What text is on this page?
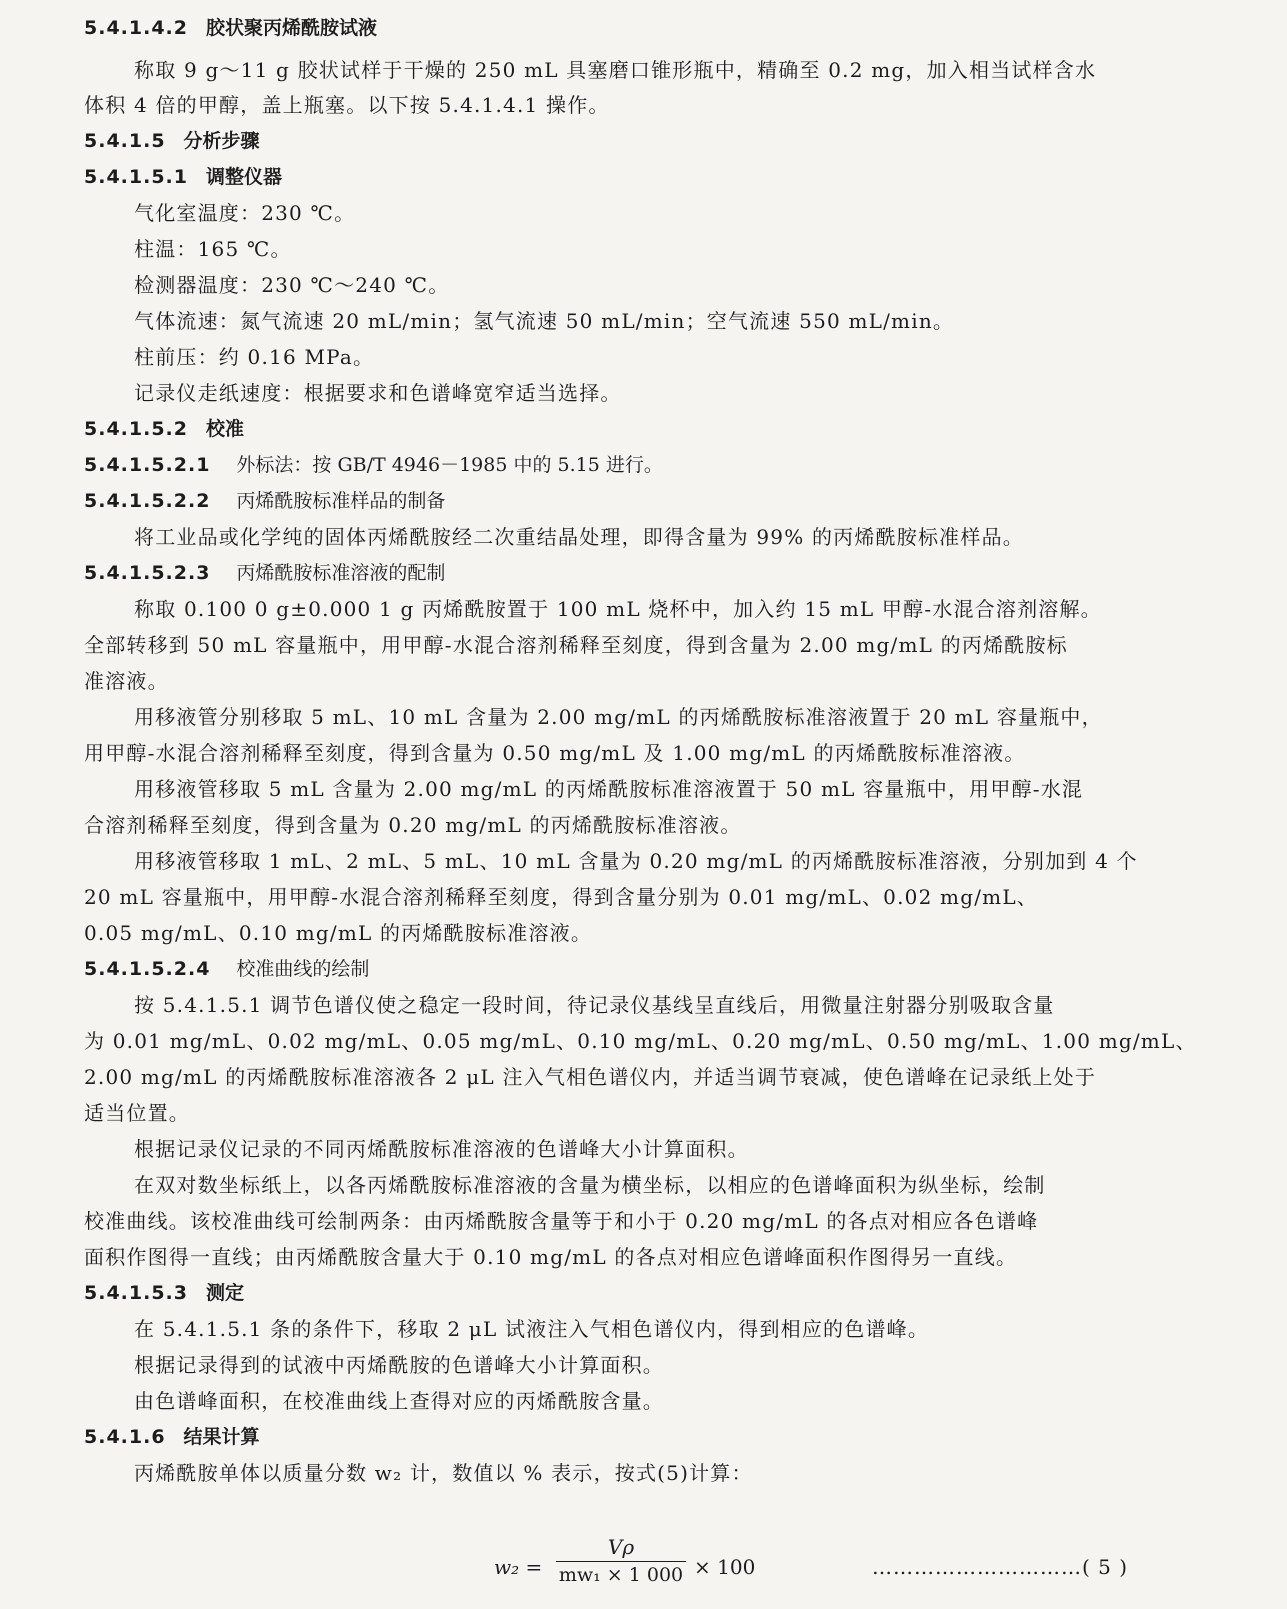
5.4.1.4.2 胶状聚丙烯酰胺试液
称取 9 g～11 g 胶状试样于干燥的 250 mL 具塞磨口锥形瓶中，精确至 0.2 mg，加入相当试样含水
体积 4 倍的甲醇，盖上瓶塞。以下按 5.4.1.4.1 操作。
5.4.1.5 分析步骤
5.4.1.5.1 调整仪器
气化室温度：230 ℃。
柱温：165 ℃。
检测器温度：230 ℃～240 ℃。
气体流速：氮气流速 20 mL/min；氢气流速 50 mL/min；空气流速 550 mL/min。
柱前压：约 0.16 MPa。
记录仪走纸速度：根据要求和色谱峰宽窄适当选择。
5.4.1.5.2 校准
5.4.1.5.2.1 外标法：按 GB/T 4946－1985 中的 5.15 进行。
5.4.1.5.2.2 丙烯酰胺标准样品的制备
将工业品或化学纯的固体丙烯酰胺经二次重结晶处理，即得含量为 99% 的丙烯酰胺标准样品。
5.4.1.5.2.3 丙烯酰胺标准溶液的配制
称取 0.100 0 g±0.000 1 g 丙烯酰胺置于 100 mL 烧杯中，加入约 15 mL 甲醇-水混合溶剂溶解。
全部转移到 50 mL 容量瓶中，用甲醇-水混合溶剂稀释至刻度，得到含量为 2.00 mg/mL 的丙烯酰胺标
准溶液。
用移液管分别移取 5 mL、10 mL 含量为 2.00 mg/mL 的丙烯酰胺标准溶液置于 20 mL 容量瓶中，
用甲醇-水混合溶剂稀释至刻度，得到含量为 0.50 mg/mL 及 1.00 mg/mL 的丙烯酰胺标准溶液。
用移液管移取 5 mL 含量为 2.00 mg/mL 的丙烯酰胺标准溶液置于 50 mL 容量瓶中，用甲醇-水混
合溶剂稀释至刻度，得到含量为 0.20 mg/mL 的丙烯酰胺标准溶液。
用移液管移取 1 mL、2 mL、5 mL、10 mL 含量为 0.20 mg/mL 的丙烯酰胺标准溶液，分别加到 4 个
20 mL 容量瓶中，用甲醇-水混合溶剂稀释至刻度，得到含量分别为 0.01 mg/mL、0.02 mg/mL、
0.05 mg/mL、0.10 mg/mL 的丙烯酰胺标准溶液。
5.4.1.5.2.4 校准曲线的绘制
按 5.4.1.5.1 调节色谱仪使之稳定一段时间，待记录仪基线呈直线后，用微量注射器分别吸取含量
为 0.01 mg/mL、0.02 mg/mL、0.05 mg/mL、0.10 mg/mL、0.20 mg/mL、0.50 mg/mL、1.00 mg/mL、
2.00 mg/mL 的丙烯酰胺标准溶液各 2 μL 注入气相色谱仪内，并适当调节衰减，使色谱峰在记录纸上处于
适当位置。
根据记录仪记录的不同丙烯酰胺标准溶液的色谱峰大小计算面积。
在双对数坐标纸上，以各丙烯酰胺标准溶液的含量为横坐标，以相应的色谱峰面积为纵坐标，绘制
校准曲线。该校准曲线可绘制两条：由丙烯酰胺含量等于和小于 0.20 mg/mL 的各点对相应各色谱峰
面积作图得一直线；由丙烯酰胺含量大于 0.10 mg/mL 的各点对相应色谱峰面积作图得另一直线。
5.4.1.5.3 测定
在 5.4.1.5.1 条的条件下，移取 2 μL 试液注入气相色谱仪内，得到相应的色谱峰。
根据记录得到的试液中丙烯酰胺的色谱峰大小计算面积。
由色谱峰面积，在校准曲线上查得对应的丙烯酰胺含量。
5.4.1.6 结果计算
丙烯酰胺单体以质量分数 w₂ 计，数值以 % 表示，按式(5)计算：
w₂ =
Vρ
mw₁ × 1 000 × 100	…………………………( 5 )
